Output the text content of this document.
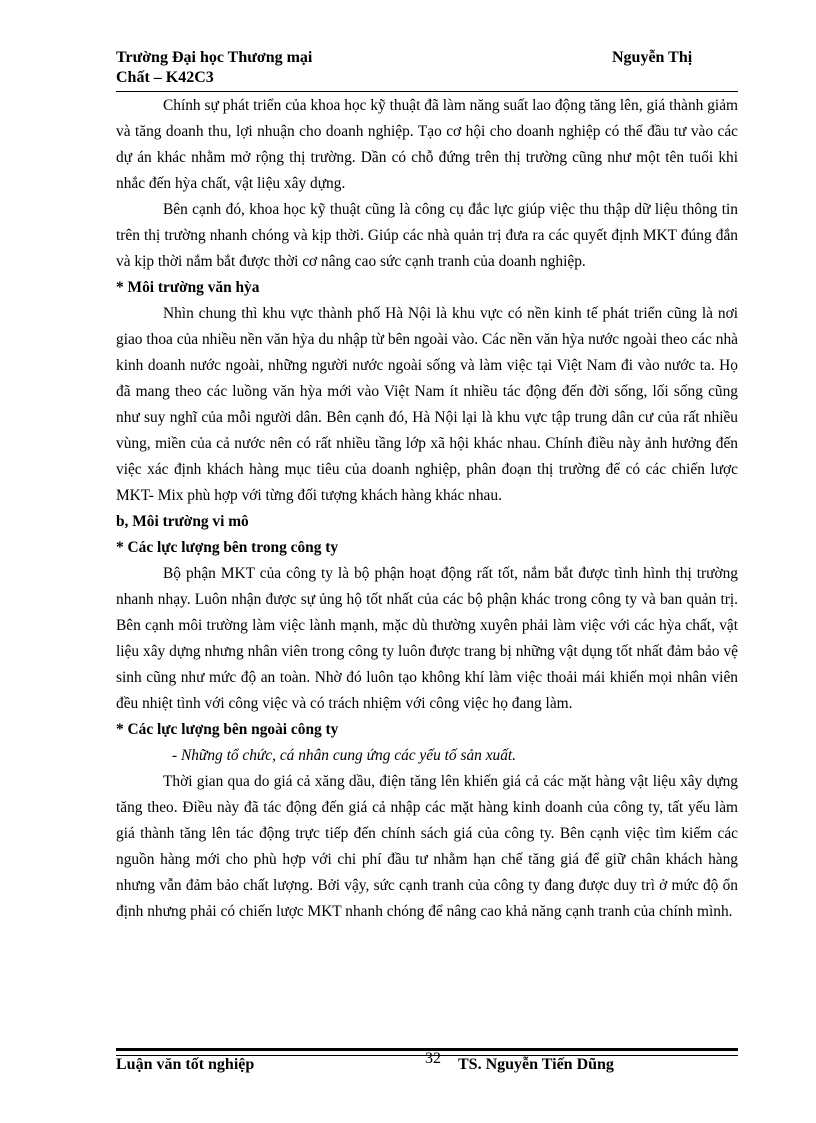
Trường Đại học Thương mại
Chất – K42C3
Nguyễn Thị

Chính sự phát triển của khoa học kỹ thuật đã làm năng suất lao động tăng lên, giá thành giảm và tăng doanh thu, lợi nhuận cho doanh nghiệp. Tạo cơ hội cho doanh nghiệp có thể đầu tư vào các dự án khác nhằm mở rộng thị trường. Dần có chỗ đứng trên thị trường cũng như một tên tuổi khi nhắc đến hỳa chất, vật liệu xây dựng.

Bên cạnh đó, khoa học kỹ thuật cũng là công cụ đắc lực giúp việc thu thập dữ liệu thông tin trên thị trường nhanh chóng và kịp thời. Giúp các nhà quản trị đưa ra các quyết định MKT đúng đắn và kịp thời nắm bắt được thời cơ nâng cao sức cạnh tranh của doanh nghiệp.

* Môi trường văn hỳa

Nhìn chung thì khu vực thành phố Hà Nội là khu vực có nền kinh tế phát triển cũng là nơi giao thoa của nhiều nền văn hỳa du nhập từ bên ngoài vào. Các nền văn hỳa nước ngoài theo các nhà kinh doanh nước ngoài, những người nước ngoài sống và làm việc tại Việt Nam đi vào nước ta. Họ đã mang theo các luồng văn hỳa mới vào Việt Nam ít nhiều tác động đến đời sống, lối sống cũng như suy nghĩ của mỗi người dân. Bên cạnh đó, Hà Nội lại là khu vực tập trung dân cư của rất nhiều vùng, miền của cả nước nên có rất nhiều tầng lớp xã hội khác nhau. Chính điều này ảnh hưởng đến việc xác định khách hàng mục tiêu của doanh nghiệp, phân đoạn thị trường để có các chiến lược MKT- Mix phù hợp với từng đối tượng khách hàng khác nhau.

b, Môi trường vi mô

* Các lực lượng bên trong công ty

Bộ phận MKT của công ty là bộ phận hoạt động rất tốt, nắm bắt được tình hình thị trường nhanh nhạy. Luôn nhận được sự ủng hộ tốt nhất của các bộ phận khác trong công ty và ban quản trị. Bên cạnh môi trường làm việc lành mạnh, mặc dù thường xuyên phải làm việc với các hỳa chất, vật liệu xây dựng nhưng nhân viên trong công ty luôn được trang bị những vật dụng tốt nhất đảm bảo vệ sinh cũng như mức độ an toàn. Nhờ đó luôn tạo không khí làm việc thoải mái khiến mọi nhân viên đều nhiệt tình với công việc và có trách nhiệm với công việc họ đang làm.

* Các lực lượng bên ngoài công ty

- Những tổ chức, cá nhân cung ứng các yếu tố sản xuất.

Thời gian qua do giá cả xăng dầu, điện tăng lên khiến giá cả các mặt hàng vật liệu xây dựng tăng theo. Điều này đã tác động đến giá cả nhập các mặt hàng kinh doanh của công ty, tất yếu làm giá thành tăng lên tác động trực tiếp đến chính sách giá của công ty. Bên cạnh việc tìm kiếm các nguồn hàng mới cho phù hợp với chi phí đầu tư nhằm hạn chế tăng giá để giữ chân khách hàng nhưng vẫn đảm bảo chất lượng. Bởi vậy, sức cạnh tranh của công ty đang được duy trì ở mức độ ổn định nhưng phải có chiến lược MKT nhanh chóng để nâng cao khả năng cạnh tranh của chính mình.

Luận văn tốt nghiệp	32 TS. Nguyễn Tiến Dũng
